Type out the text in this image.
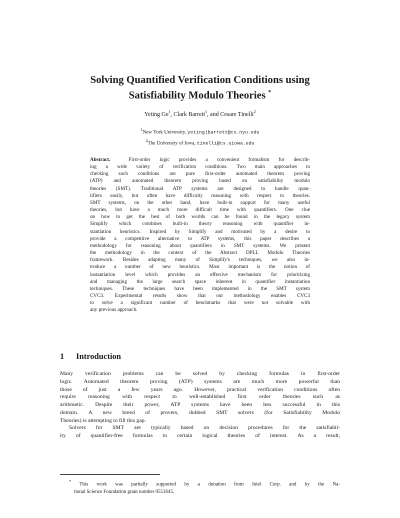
Solving Quantified Verification Conditions using
Satisfiability Modulo Theories *
Yeting Ge$^1$, Clark Barrett$^1$, and Cesare Tinelli$^2$
$^1$New York University, yeting|barrett@cs.nyu.edu
$^2$The University of Iowa, tinelli@cs.uiowa.edu
Abstract.	First-order logic provides a convenient formalism for describ-
ing a wide variety of verification conditions. Two main approaches to
checking such conditions are pure first-order automated theorem proving
(ATP) and automated theorem proving based on satisfiability modulo
theories (SMT). Traditional ATP systems are designed to handle quan-
tifiers easily, but often have difficulty reasoning with respect to theories.
SMT systems, on the other hand, have built-in support for many useful
theories, but have a much more difficult time with quantifiers. One clue
on how to get the best of both worlds can be found in the legacy system
Simplify which combines built-in theory reasoning with quantifier in-
stantiation heuristics. Inspired by Simplify and motivated by a desire to
provide a competitive alternative to ATP systems, this paper describes a
methodology for reasoning about quantifiers in SMT systems. We present
the methodology in the context of the Abstract DPLL Modulo Theories
framework. Besides adapting many of Simplify's techniques, we also in-
troduce a number of new heuristics. Most important is the notion of
instantiation level which provides an effective mechanism for prioritizing
and managing the large search space inherent in quantifier instantiation
techniques. These techniques have been implemented in the SMT system
CVC3. Experimental results show that our methodology enables CVC3
to solve a significant number of benchmarks that were not solvable with
any previous approach.
1 Introduction
Many verification problems can be solved by checking formulas in first-order
logic. Automated theorem proving (ATP) systems are much more powerful than
those of just a few years ago. However, practical verification conditions often
require reasoning with respect to well-established first order theories such as
arithmetic. Despite their power, ATP systems have been less successful in this
domain. A new breed of provers, dubbed SMT solvers (for Satisfiability Modulo
Theories) is attempting to fill this gap.
Solvers for SMT are typically based on decision procedures for the satisfiabil-
ity of quantifier-free formulas in certain logical theories of interest. As a result,
* This work was partially supported by a donation from Intel Corp. and by the Na-
tional Science Foundation grant number 0551645.
